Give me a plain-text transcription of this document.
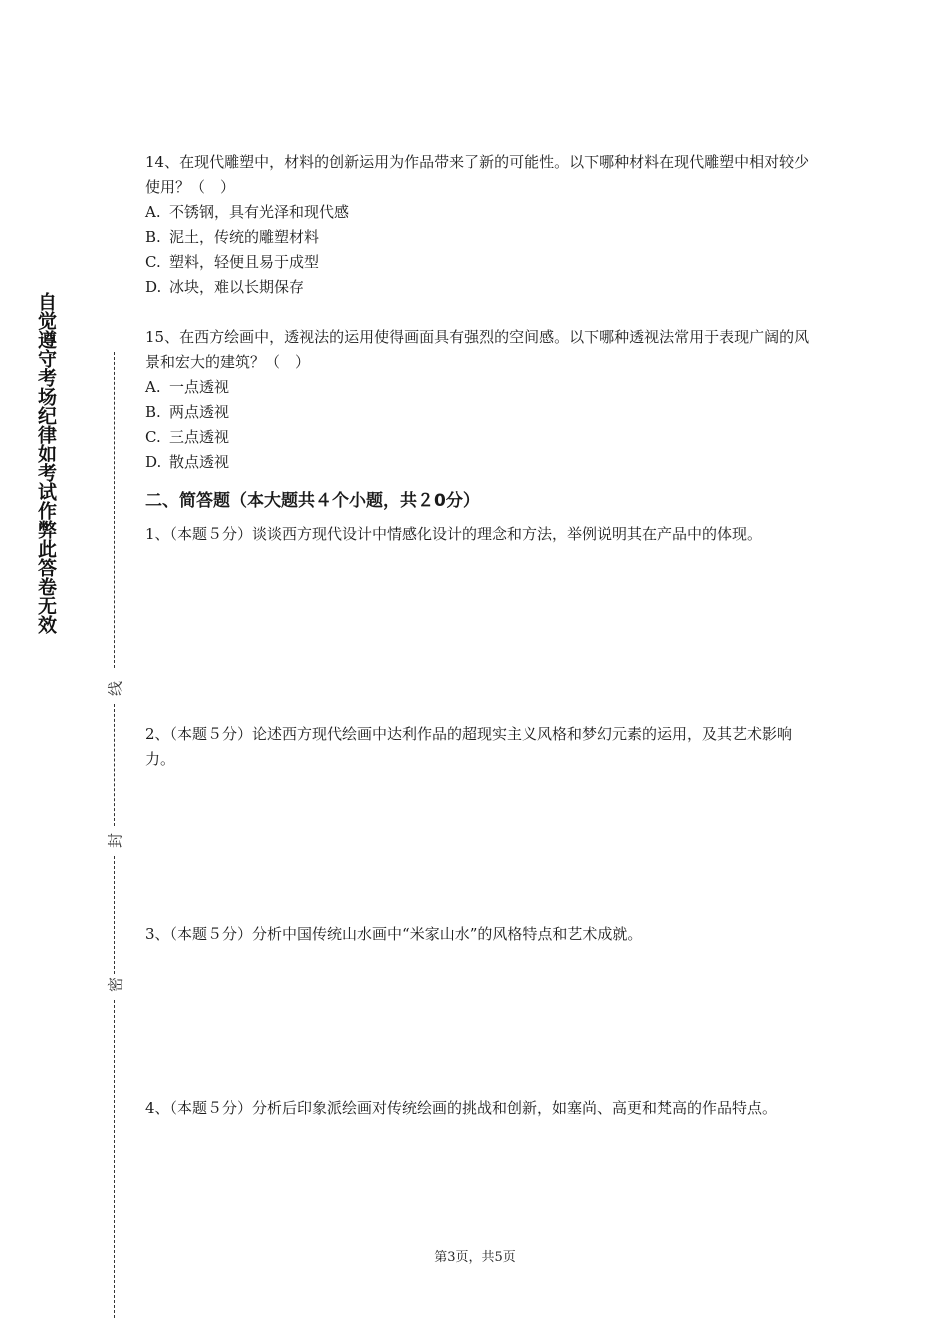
自觉遵守考场纪律如考试作弊此答卷无效
线
封
密

14、在现代雕塑中，材料的创新运用为作品带来了新的可能性。以下哪种材料在现代雕塑中相对较少使用？（　）

A. 不锈钢，具有光泽和现代感

B. 泥土，传统的雕塑材料

C. 塑料，轻便且易于成型

D. 冰块，难以长期保存

15、在西方绘画中，透视法的运用使得画面具有强烈的空间感。以下哪种透视法常用于表现广阔的风景和宏大的建筑？（　）

A. 一点透视

B. 两点透视

C. 三点透视

D. 散点透视

二、简答题（本大题共４个小题，共２0分）
1、（本题５分）谈谈西方现代设计中情感化设计的理念和方法，举例说明其在产品中的体现。
2、（本题５分）论述西方现代绘画中达利作品的超现实主义风格和梦幻元素的运用，及其艺术影响力。
3、（本题５分）分析中国传统山水画中“米家山水”的风格特点和艺术成就。
4、（本题５分）分析后印象派绘画对传统绘画的挑战和创新，如塞尚、高更和梵高的作品特点。
第3页，共5页
